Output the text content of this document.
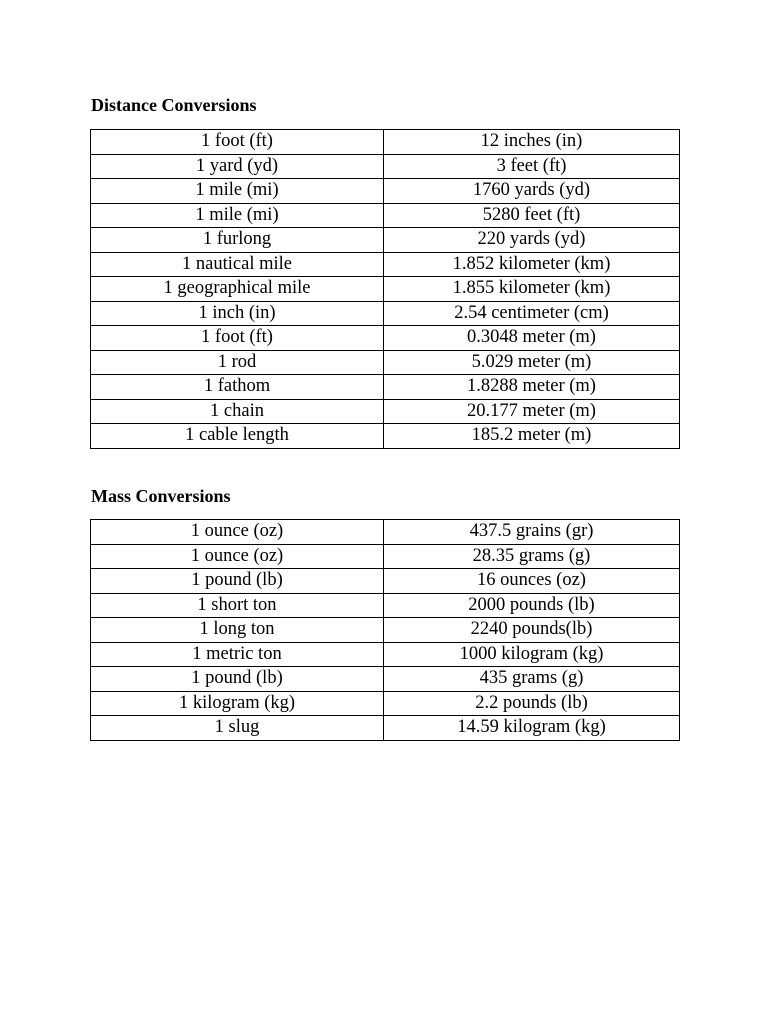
Distance Conversions
1 foot (ft)	12 inches (in)
1 yard (yd)	3 feet (ft)
1 mile (mi)	1760 yards (yd)
1 mile (mi)	5280 feet (ft)
1 furlong	220 yards (yd)
1 nautical mile	1.852 kilometer (km)
1 geographical mile	1.855 kilometer (km)
1 inch (in)	2.54 centimeter (cm)
1 foot (ft)	0.3048 meter (m)
1 rod	5.029 meter (m)
1 fathom	1.8288 meter (m)
1 chain	20.177 meter (m)
1 cable length	185.2 meter (m)
Mass Conversions
1 ounce (oz)	437.5 grains (gr)
1 ounce (oz)	28.35 grams (g)
1 pound (lb)	16 ounces (oz)
1 short ton	2000 pounds (lb)
1 long ton	2240 pounds(lb)
1 metric ton	1000 kilogram (kg)
1 pound (lb)	435 grams (g)
1 kilogram (kg)	2.2 pounds (lb)
1 slug	14.59 kilogram (kg)
